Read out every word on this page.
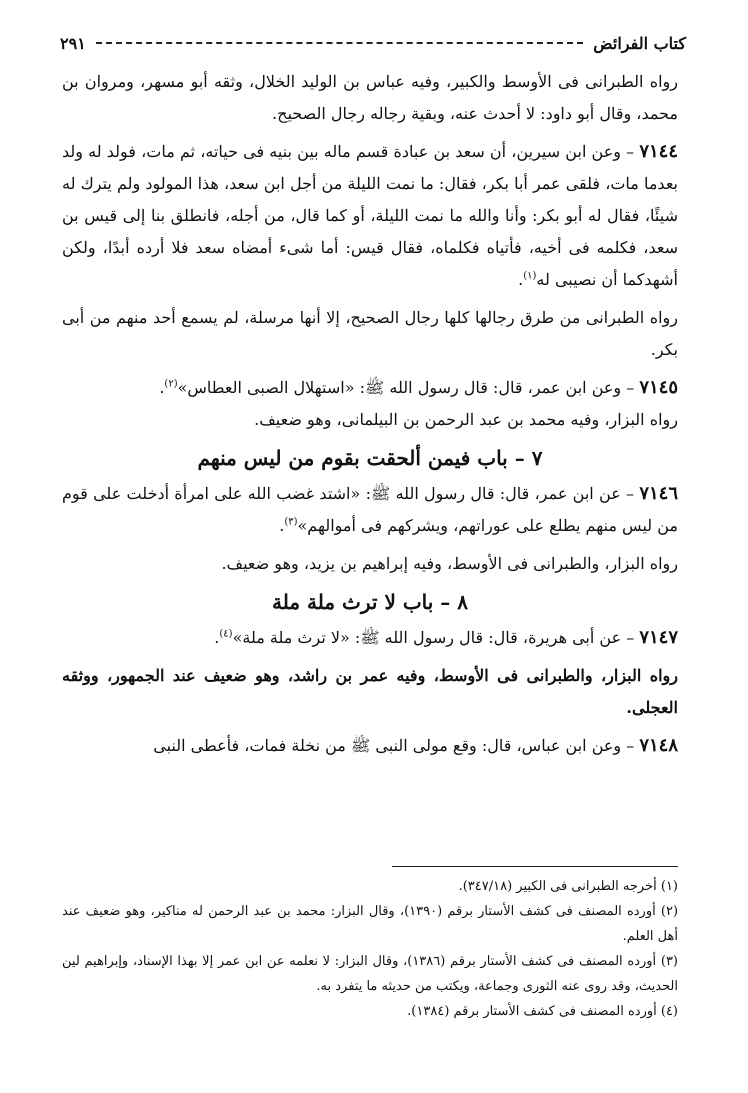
كتاب الفرائض
٢٩١

رواه الطبرانى فى الأوسط والكبير، وفيه عباس بن الوليد الخلال، وثقه أبو مسهر، ومروان بن محمد، وقال أبو داود: لا أحدث عنه، وبقية رجاله رجال الصحيح.

٧١٤٤ – وعن ابن سيرين، أن سعد بن عبادة قسم ماله بين بنيه فى حياته، ثم مات، فولد له ولد بعدما مات، فلقى عمر أبا بكر، فقال: ما نمت الليلة من أجل ابن سعد، هذا المولود ولم يترك له شيئًا، فقال له أبو بكر: وأنا والله ما نمت الليلة، أو كما قال، من أجله، فانطلق بنا إلى قيس بن سعد، فكلمه فى أخيه، فأتياه فكلماه، فقال قيس: أما شىء أمضاه سعد فلا أرده أبدًا، ولكن أشهدكما أن نصيبى له$^{(١)}$.

رواه الطبرانى من طرق رجالها كلها رجال الصحيح، إلا أنها مرسلة، لم يسمع أحد منهم من أبى بكر.

٧١٤٥ – وعن ابن عمر، قال: قال رسول الله ﷺ: «استهلال الصبى العطاس»$^{(٢)}$.

رواه البزار، وفيه محمد بن عبد الرحمن بن البيلمانى، وهو ضعيف.

٧ – باب فيمن ألحقت بقوم من ليس منهم

٧١٤٦ – عن ابن عمر، قال: قال رسول الله ﷺ: «اشتد غضب الله على امرأة أدخلت على قوم من ليس منهم يطلع على عوراتهم، ويشركهم فى أموالهم»$^{(٣)}$.

رواه البزار، والطبرانى فى الأوسط، وفيه إبراهيم بن يزيد، وهو ضعيف.

٨ – باب لا ترث ملة ملة

٧١٤٧ – عن أبى هريرة، قال: قال رسول الله ﷺ: «لا ترث ملة ملة»$^{(٤)}$.

رواه البزار، والطبرانى فى الأوسط، وفيه عمر بن راشد، وهو ضعيف عند الجمهور، ووثقه العجلى.

٧١٤٨ – وعن ابن عباس، قال: وقع مولى النبى ﷺ من نخلة فمات، فأعطى النبى

(١) أخرجه الطبرانى فى الكبير (٣٤٧/١٨).

(٢) أورده المصنف فى كشف الأستار برقم (١٣٩٠)، وقال البزار: محمد بن عبد الرحمن له مناكير، وهو ضعيف عند أهل العلم.

(٣) أورده المصنف فى كشف الأستار برقم (١٣٨٦)، وقال البزار: لا نعلمه عن ابن عمر إلا بهذا الإسناد، وإبراهيم لين الحديث، وقد روى عنه الثورى وجماعة، ويكتب من حديثه ما يتفرد به.

(٤) أورده المصنف فى كشف الأستار برقم (١٣٨٤).
